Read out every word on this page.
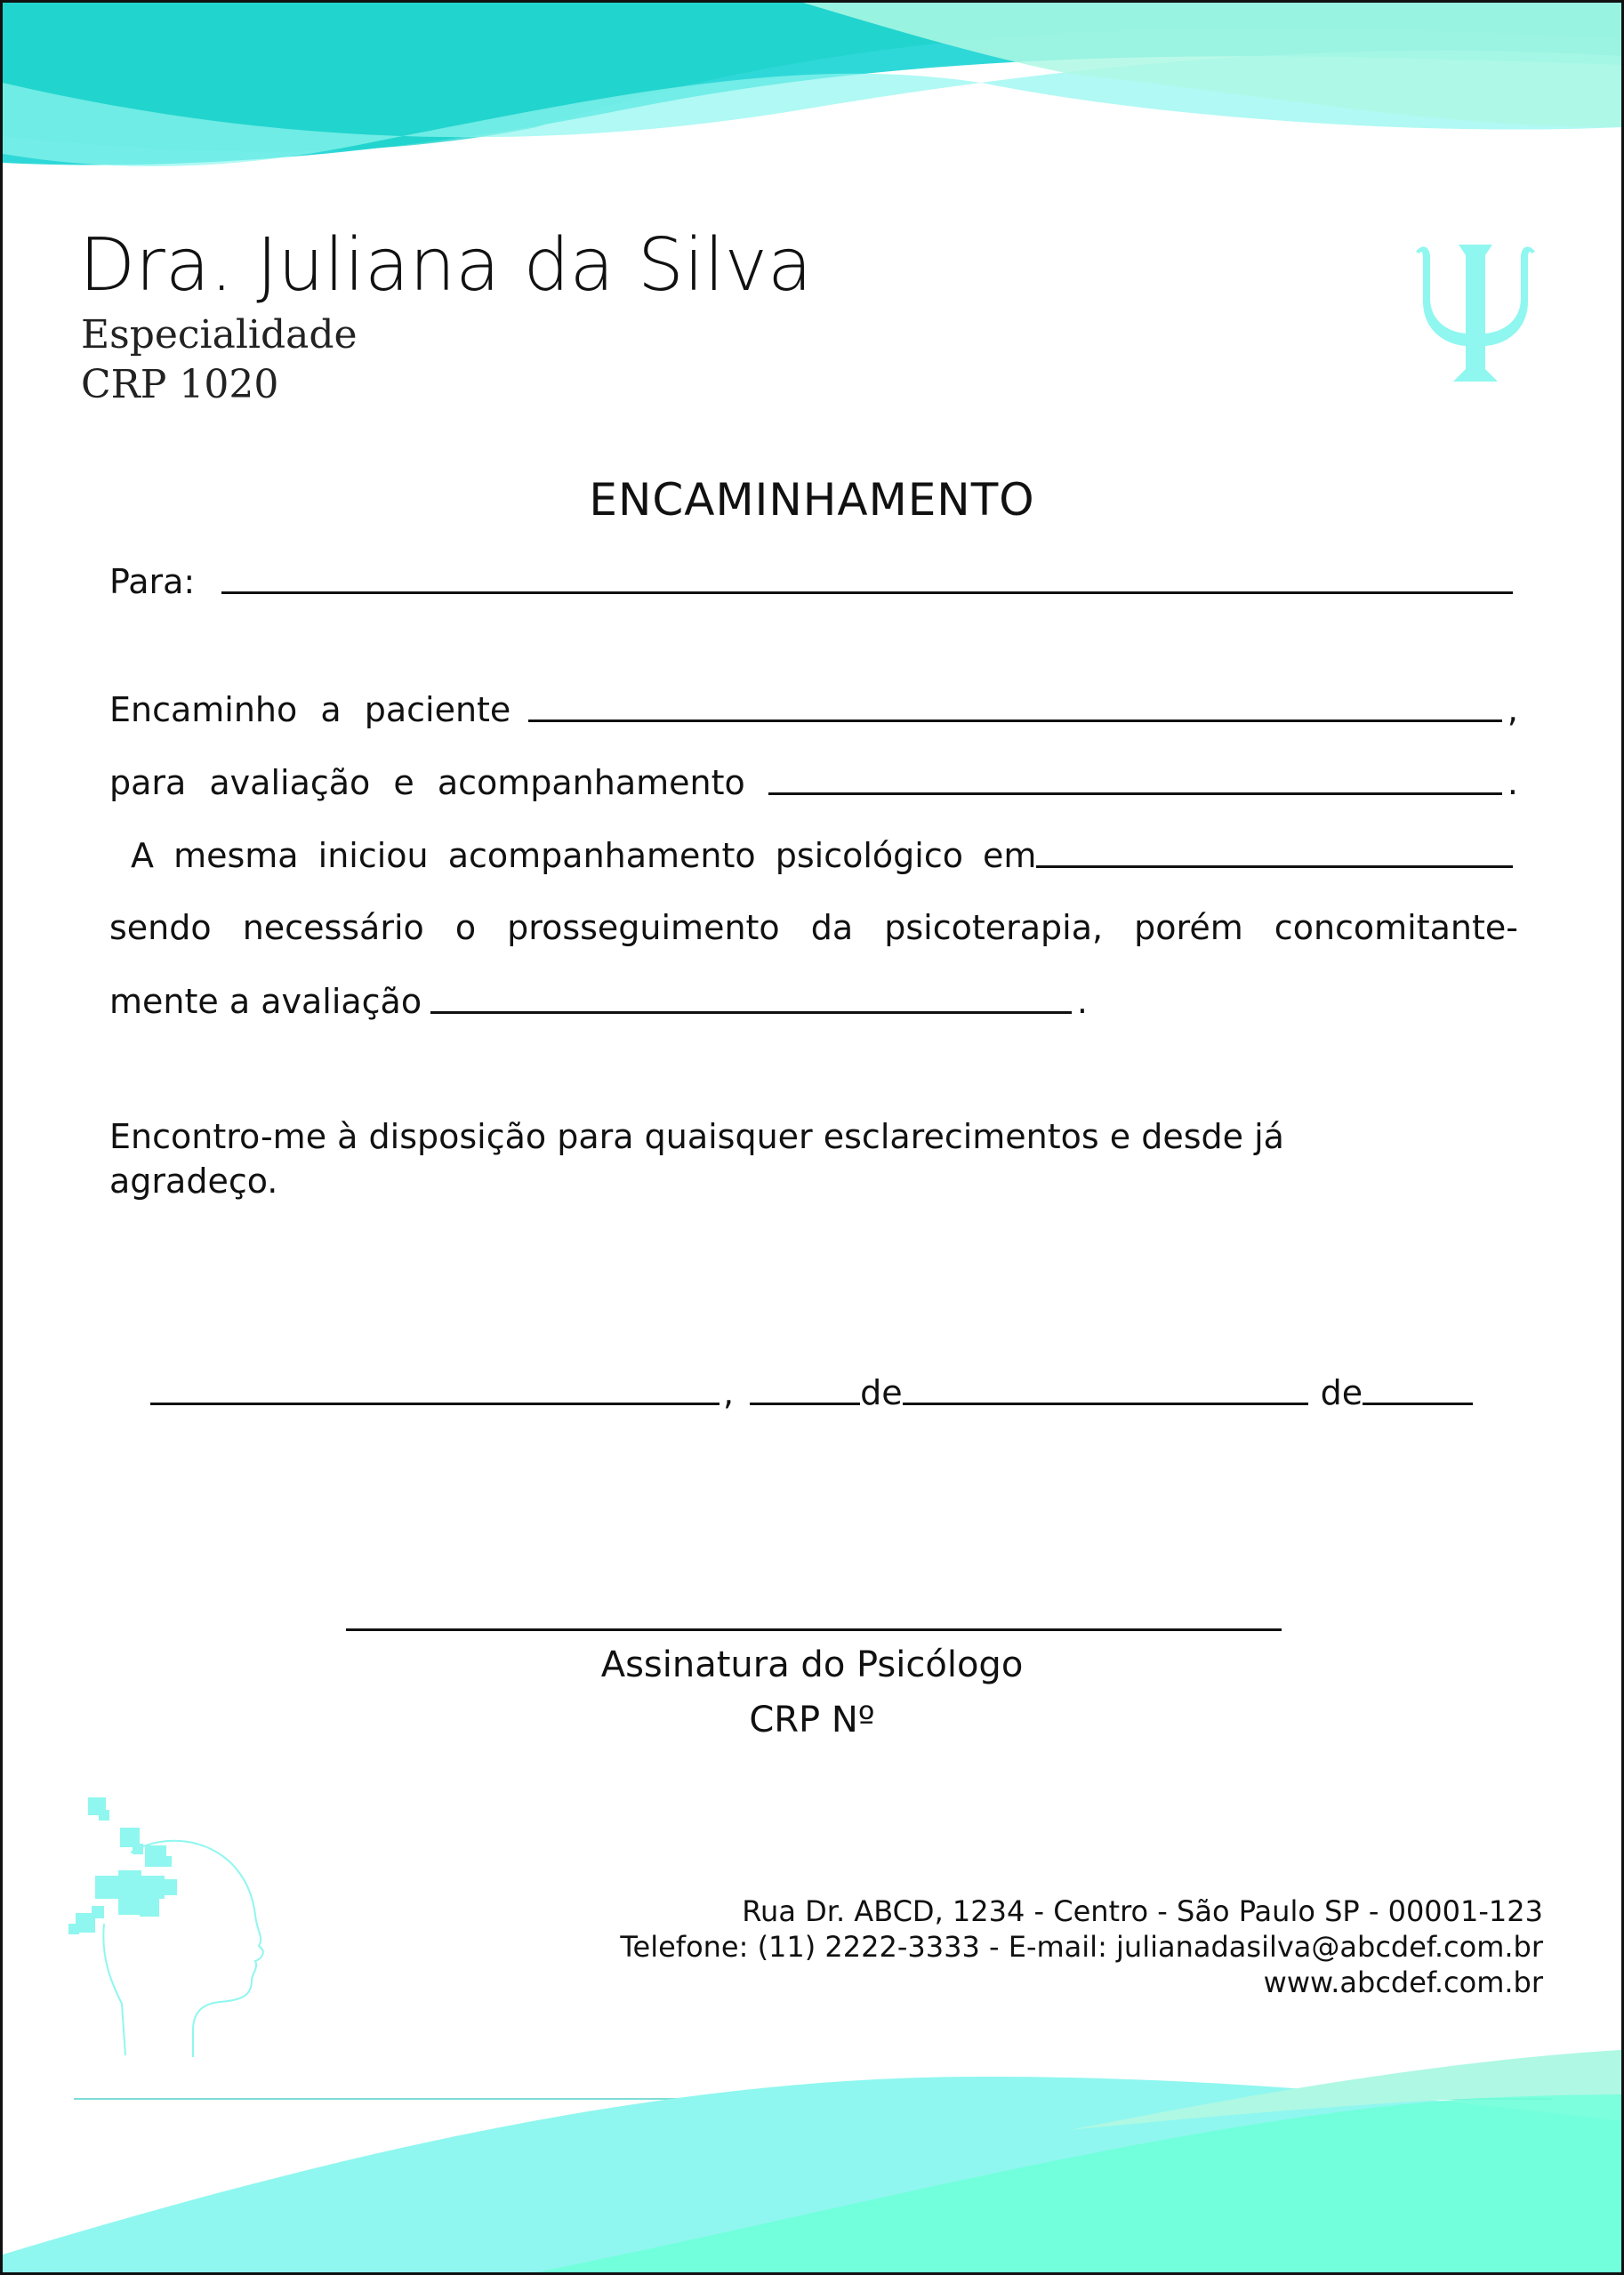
Dra. Juliana da Silva
Especialidade
CRP 1020
ENCAMINHAMENTO
Para:
Encaminho a paciente	,
para avaliação e acompanhamento	.
A mesma iniciou acompanhamento psicológico em
sendo necessário o prosseguimento da psicoterapia, porém concomitante-
mente a avaliação	.
Encontro-me à disposição para quaisquer esclarecimentos e desde já agradeço.
,	de	de
Assinatura do Psicólogo
CRP Nº
Rua Dr. ABCD, 1234 - Centro - São Paulo SP - 00001-123
Telefone: (11) 2222-3333 - E-mail: julianadasilva@abcdef.com.br
www.abcdef.com.br
